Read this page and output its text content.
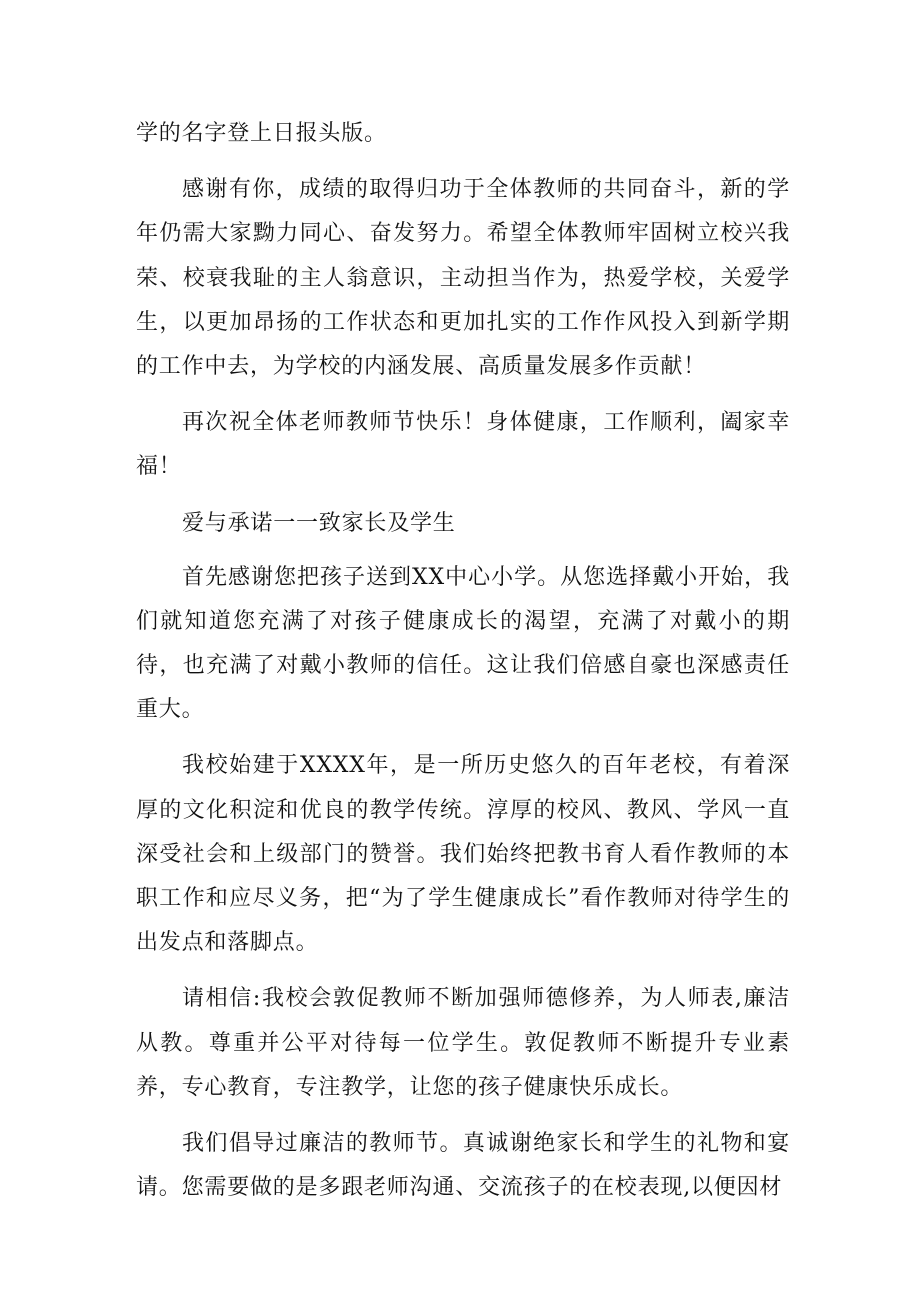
学的名字登上日报头版。

感谢有你，成绩的取得归功于全体教师的共同奋斗，新的学年仍需大家黝力同心、奋发努力。希望全体教师牢固树立校兴我荣、校衰我耻的主人翁意识，主动担当作为，热爱学校，关爱学生，以更加昂扬的工作状态和更加扎实的工作作风投入到新学期的工作中去，为学校的内涵发展、高质量发展多作贡献！

再次祝全体老师教师节快乐！身体健康，工作顺利，阖家幸福！

爱与承诺一一致家长及学生

首先感谢您把孩子送到XX中心小学。从您选择戴小开始，我们就知道您充满了对孩子健康成长的渴望，充满了对戴小的期待，也充满了对戴小教师的信任。这让我们倍感自豪也深感责任重大。

我校始建于XXXX年，是一所历史悠久的百年老校，有着深厚的文化积淀和优良的教学传统。淳厚的校风、教风、学风一直深受社会和上级部门的赞誉。我们始终把教书育人看作教师的本职工作和应尽义务，把“为了学生健康成长”看作教师对待学生的出发点和落脚点。

请相信:我校会敦促教师不断加强师德修养，为人师表,廉洁从教。尊重并公平对待每一位学生。敦促教师不断提升专业素养，专心教育，专注教学，让您的孩子健康快乐成长。

我们倡导过廉洁的教师节。真诚谢绝家长和学生的礼物和宴请。您需要做的是多跟老师沟通、交流孩子的在校表现,以便因材
